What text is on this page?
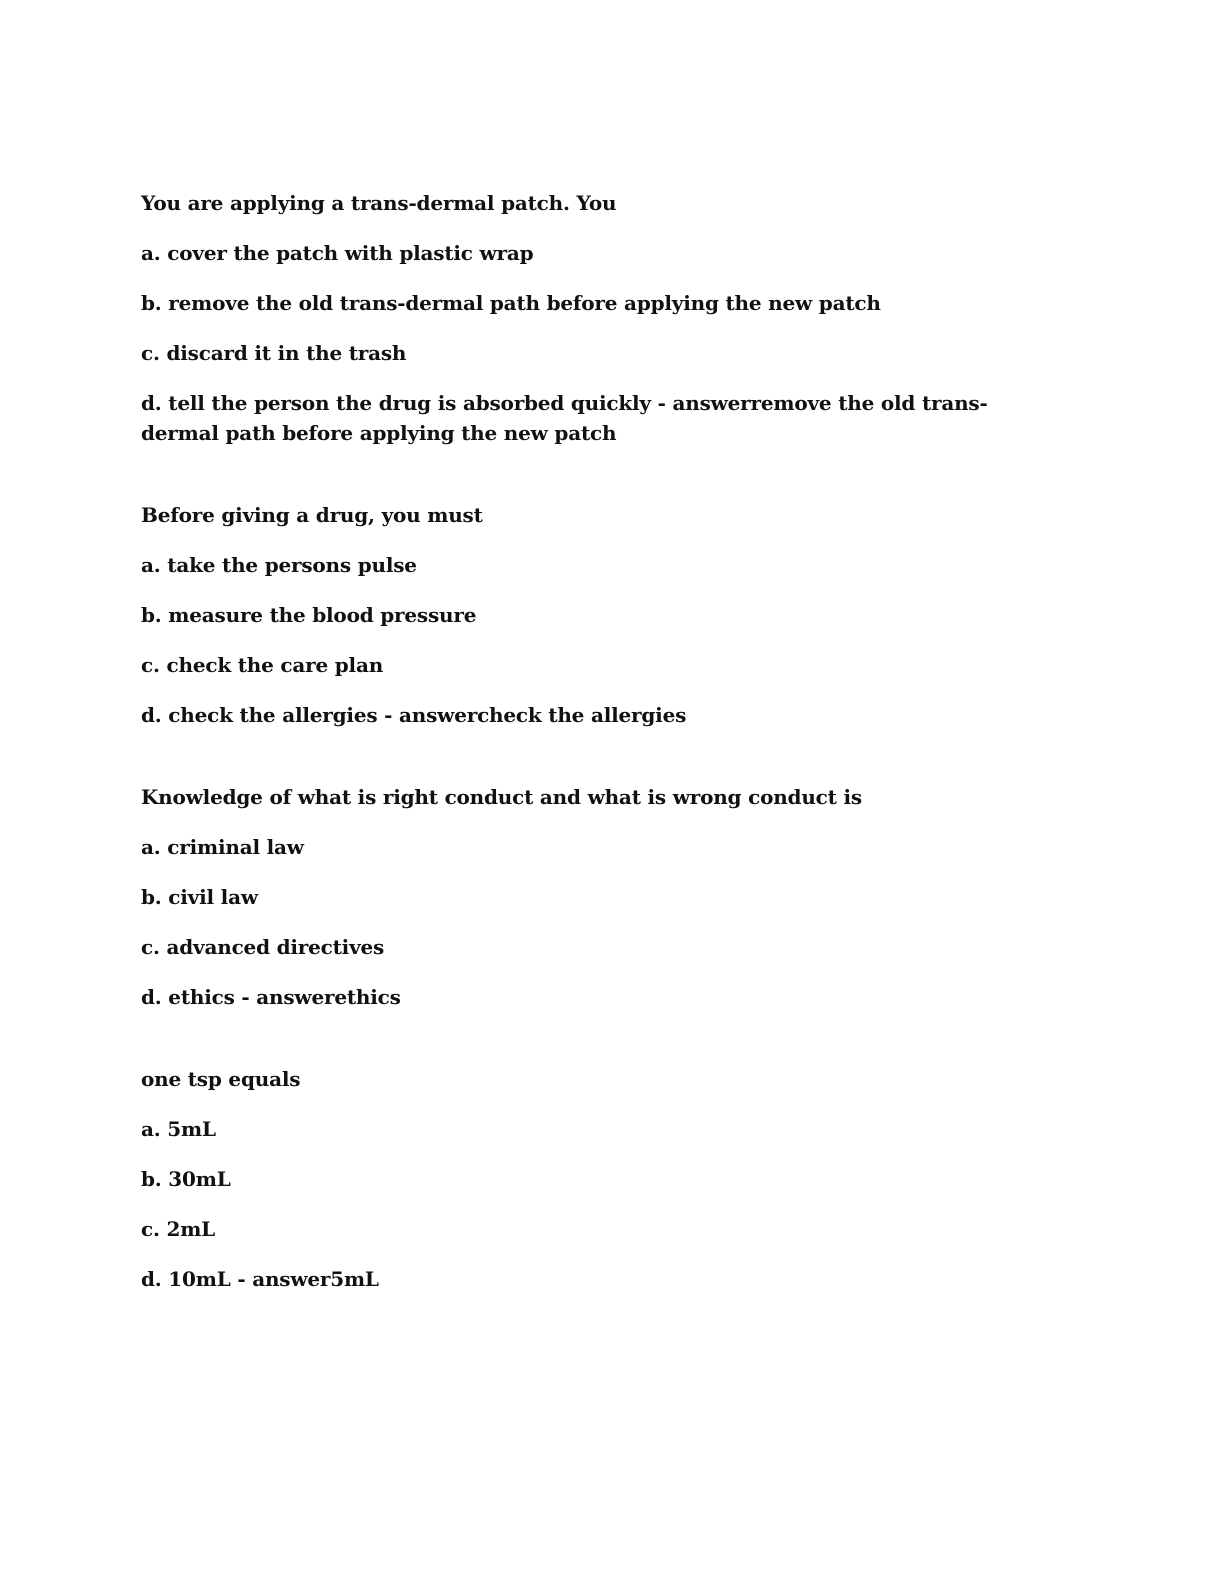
You are applying a trans-dermal patch. You
a. cover the patch with plastic wrap
b. remove the old trans-dermal path before applying the new patch
c. discard it in the trash
d. tell the person the drug is absorbed quickly - answerremove the old trans-dermal path before applying the new patch
Before giving a drug, you must
a. take the persons pulse
b. measure the blood pressure
c. check the care plan
d. check the allergies - answercheck the allergies
Knowledge of what is right conduct and what is wrong conduct is
a. criminal law
b. civil law
c. advanced directives
d. ethics - answerethics
one tsp equals
a. 5mL
b. 30mL
c. 2mL
d. 10mL - answer5mL
